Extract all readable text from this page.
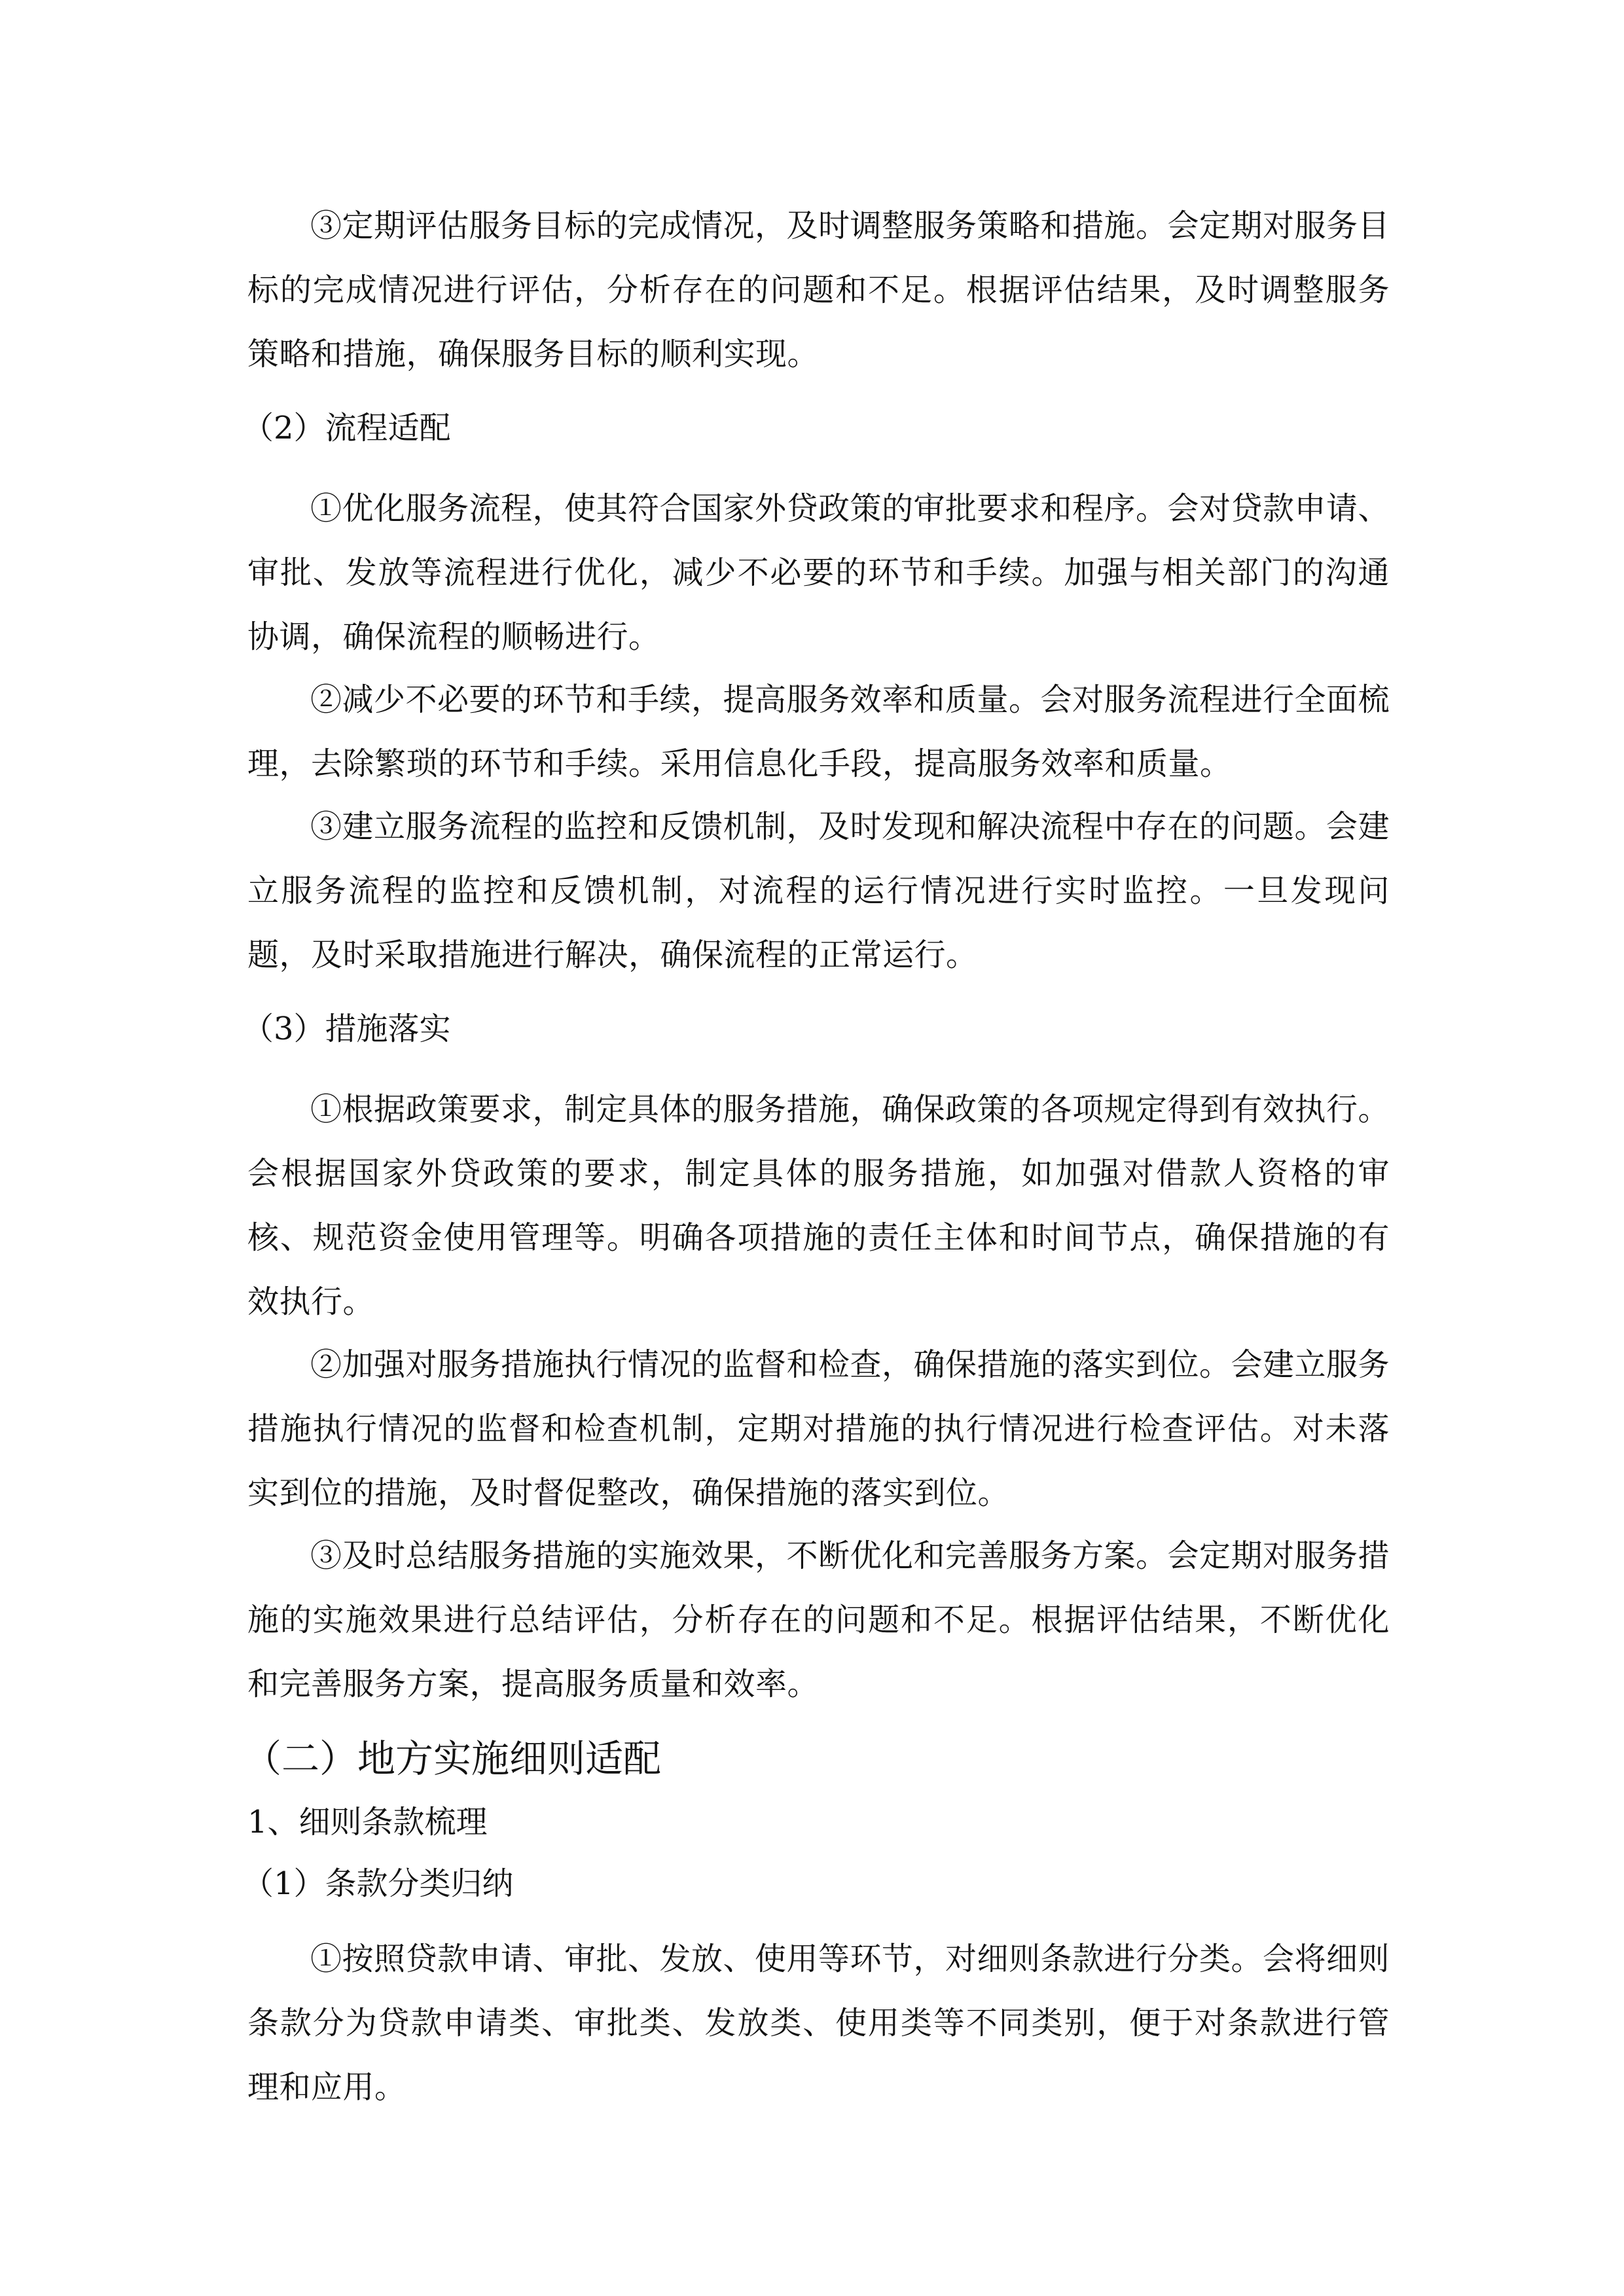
③定期评估服务目标的完成情况，及时调整服务策略和措施。会定期对服务目标的完成情况进行评估，分析存在的问题和不足。根据评估结果，及时调整服务策略和措施，确保服务目标的顺利实现。

（2）流程适配

①优化服务流程，使其符合国家外贷政策的审批要求和程序。会对贷款申请、审批、发放等流程进行优化，减少不必要的环节和手续。加强与相关部门的沟通协调，确保流程的顺畅进行。

②减少不必要的环节和手续，提高服务效率和质量。会对服务流程进行全面梳理，去除繁琐的环节和手续。采用信息化手段，提高服务效率和质量。

③建立服务流程的监控和反馈机制，及时发现和解决流程中存在的问题。会建立服务流程的监控和反馈机制，对流程的运行情况进行实时监控。一旦发现问题，及时采取措施进行解决，确保流程的正常运行。

（3）措施落实

①根据政策要求，制定具体的服务措施，确保政策的各项规定得到有效执行。会根据国家外贷政策的要求，制定具体的服务措施，如加强对借款人资格的审核、规范资金使用管理等。明确各项措施的责任主体和时间节点，确保措施的有效执行。

②加强对服务措施执行情况的监督和检查，确保措施的落实到位。会建立服务措施执行情况的监督和检查机制，定期对措施的执行情况进行检查评估。对未落实到位的措施，及时督促整改，确保措施的落实到位。

③及时总结服务措施的实施效果，不断优化和完善服务方案。会定期对服务措施的实施效果进行总结评估，分析存在的问题和不足。根据评估结果，不断优化和完善服务方案，提高服务质量和效率。

（二）地方实施细则适配
1、细则条款梳理

（1）条款分类归纳

①按照贷款申请、审批、发放、使用等环节，对细则条款进行分类。会将细则条款分为贷款申请类、审批类、发放类、使用类等不同类别，便于对条款进行管理和应用。
